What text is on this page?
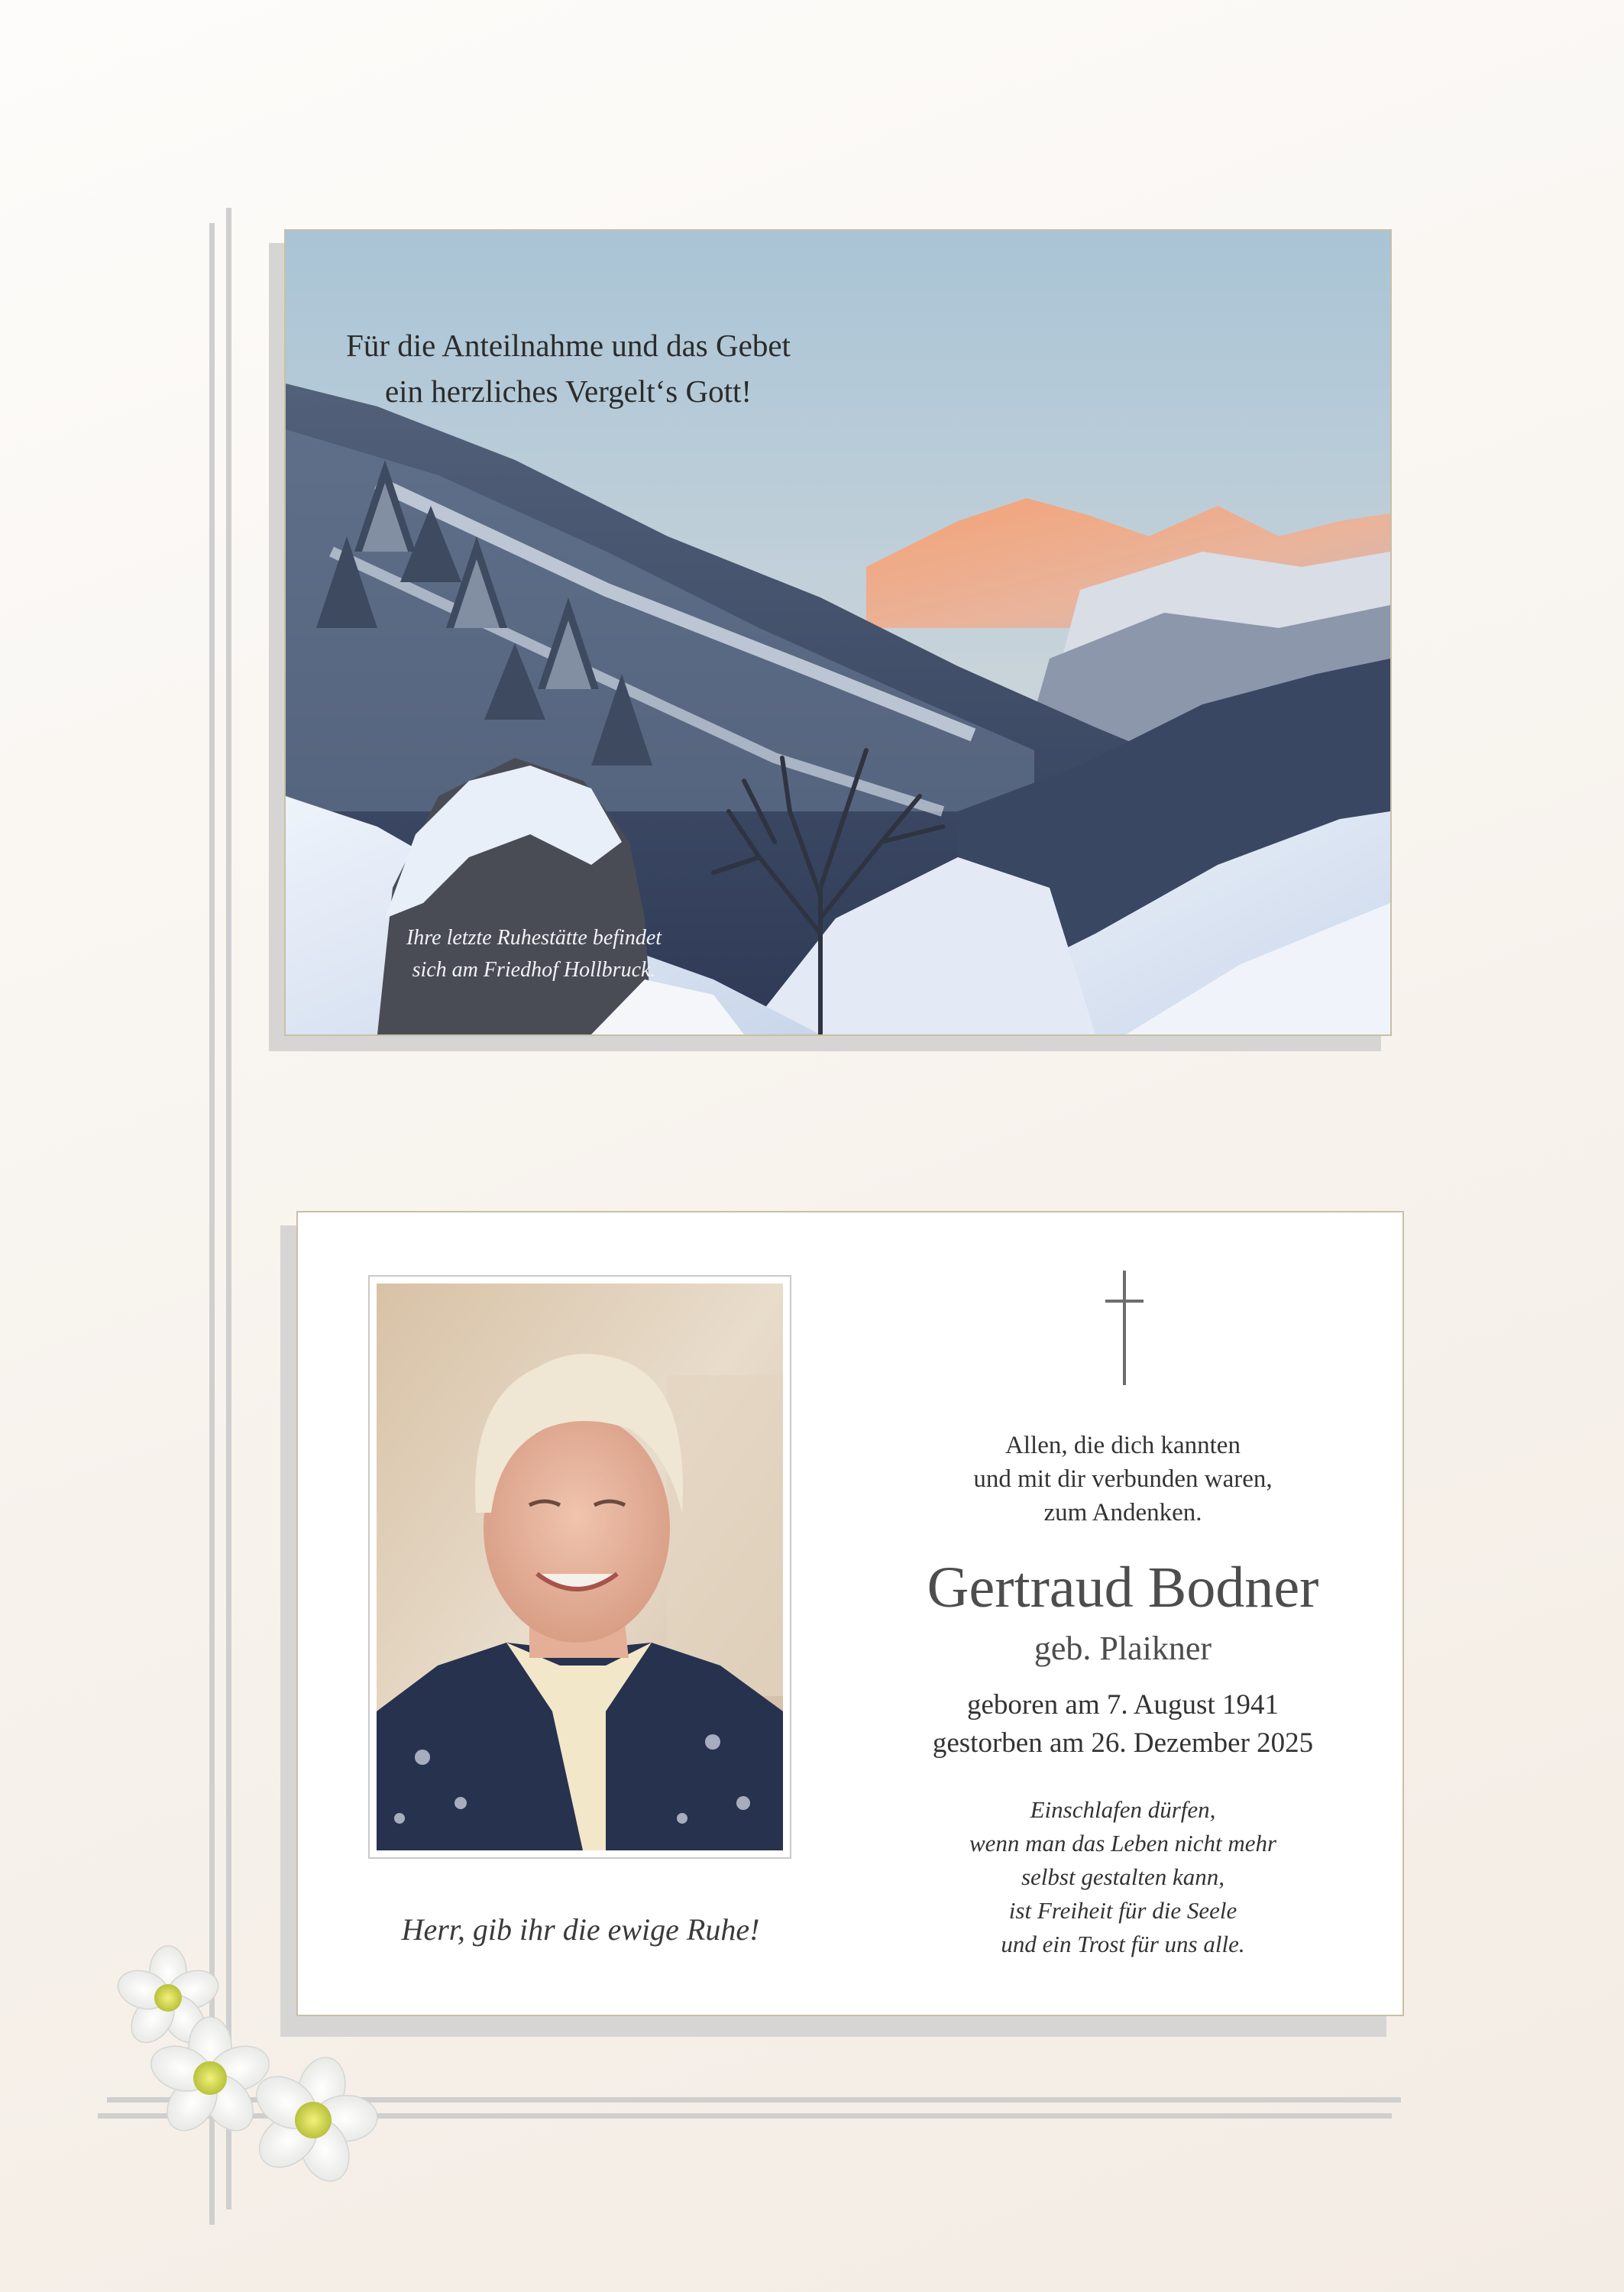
Für die Anteilnahme und das Gebet
ein herzliches Vergelt‘s Gott!
Ihre letzte Ruhestätte befindet
sich am Friedhof Hollbruck.
Herr, gib ihr die ewige Ruhe!
Allen, die dich kannten
und mit dir verbunden waren,
zum Andenken.
Gertraud Bodner
geb. Plaikner
geboren am 7. August 1941
gestorben am 26. Dezember 2025
Einschlafen dürfen,
wenn man das Leben nicht mehr
selbst gestalten kann,
ist Freiheit für die Seele
und ein Trost für uns alle.
